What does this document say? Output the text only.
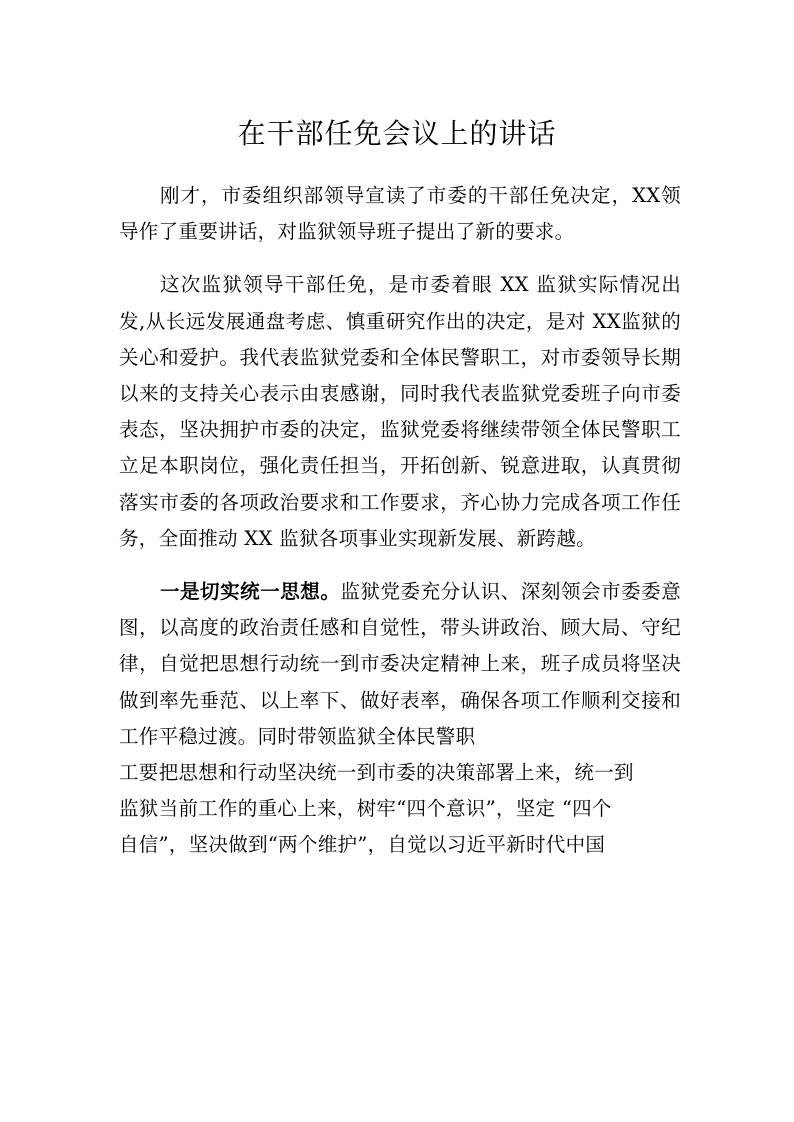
在干部任免会议上的讲话

刚才，市委组织部领导宣读了市委的干部任免决定，XX领导作了重要讲话，对监狱领导班子提出了新的要求。

这次监狱领导干部任免，是市委着眼 XX 监狱实际情况出发,从长远发展通盘考虑、慎重研究作出的决定，是对 XX监狱的关心和爱护。我代表监狱党委和全体民警职工，对市委领导长期以来的支持关心表示由衷感谢，同时我代表监狱党委班子向市委表态，坚决拥护市委的决定，监狱党委将继续带领全体民警职工立足本职岗位，强化责任担当，开拓创新、锐意进取，认真贯彻落实市委的各项政治要求和工作要求，齐心协力完成各项工作任务，全面推动 XX 监狱各项事业实现新发展、新跨越。

一是切实统一思想。监狱党委充分认识、深刻领会市委委意图，以高度的政治责任感和自觉性，带头讲政治、顾大局、守纪律，自觉把思想行动统一到市委决定精神上来，班子成员将坚决做到率先垂范、以上率下、做好表率，确保各项工作顺利交接和工作平稳过渡。同时带领监狱全体民警职

工要把思想和行动坚决统一到市委的决策部署上来，统一到
监狱当前工作的重心上来，树牢“四个意识”，坚定 “四个
自信”，坚决做到“两个维护”，自觉以习近平新时代中国
